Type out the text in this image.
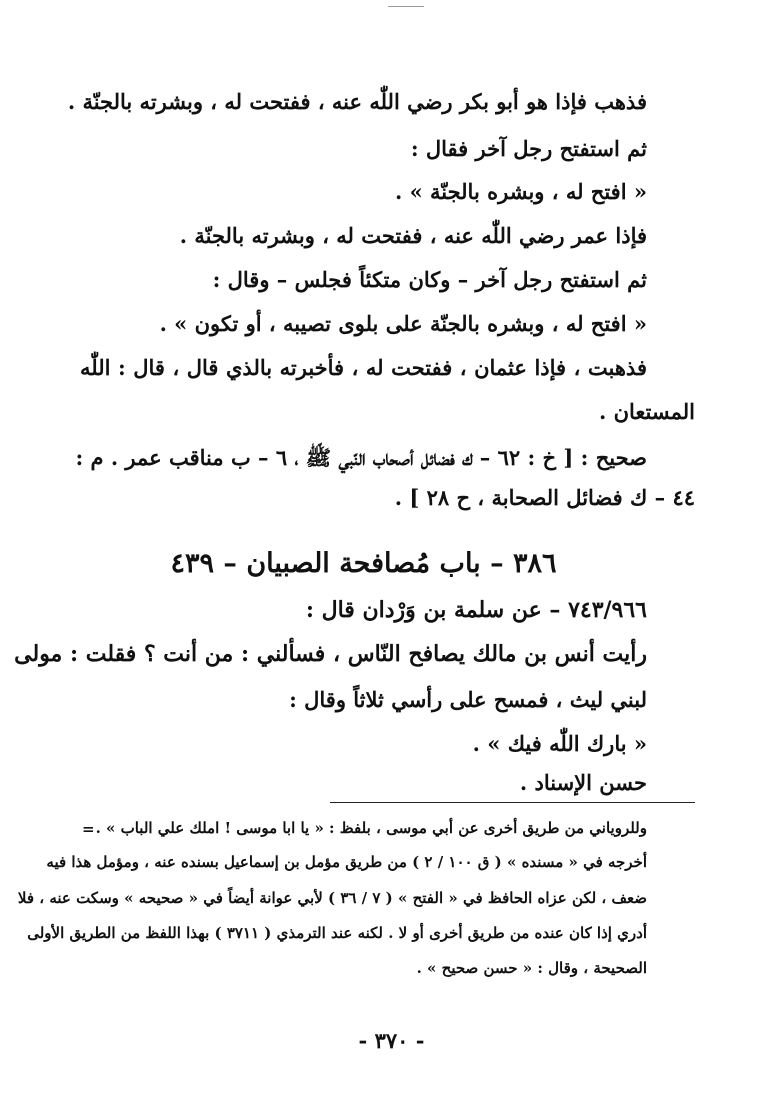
فذهب فإذا هو أبو بكر رضي اللّٰه عنه ، ففتحت له ، وبشرته بالجنّة .
ثم استفتح رجل آخر فقال :
« افتح له ، وبشره بالجنّة » .
فإذا عمر رضي اللّٰه عنه ، ففتحت له ، وبشرته بالجنّة .
ثم استفتح رجل آخر – وكان متكئاً فجلس – وقال :
« افتح له ، وبشره بالجنّة على بلوى تصيبه ، أو تكون » .
فذهبت ، فإذا عثمان ، ففتحت له ، فأخبرته بالذي قال ، قال : اللّٰه
المستعان .
صحيح : [ خ : ٦٢ – ك فضائل أصحاب النّبي ﷺ ، ٦ – ب مناقب عمر . م :
٤٤ – ك فضائل الصحابة ، ح ٢٨ ] .
٣٨٦ – باب مُصافحة الصبيان – ٤٣٩
٧٤٣/٩٦٦ – عن سلمة بن وَرْدان قال :
رأيت أنس بن مالك يصافح النّاس ، فسألني : من أنت ؟ فقلت : مولى
لبني ليث ، فمسح على رأسي ثلاثاً وقال :
« بارك اللّٰه فيك » .
حسن الإسناد .
= وللروياني من طريق أخرى عن أبي موسى ، بلفظ : « يا ابا موسى ! املك علي الباب » .
أخرجه في « مسنده » ( ق ١٠٠ / ٢ ) من طريق مؤمل بن إسماعيل بسنده عنه ، ومؤمل هذا فيه
ضعف ، لكن عزاه الحافظ في « الفتح » ( ٧ / ٣٦ ) لأبي عوانة أيضاً في « صحيحه » وسكت عنه ، فلا
أدري إذا كان عنده من طريق أخرى أو لا . لكنه عند الترمذي ( ٣٧١١ ) بهذا اللفظ من الطريق الأولى
الصحيحة ، وقال : « حسن صحيح » .
- ٣٧٠ -
